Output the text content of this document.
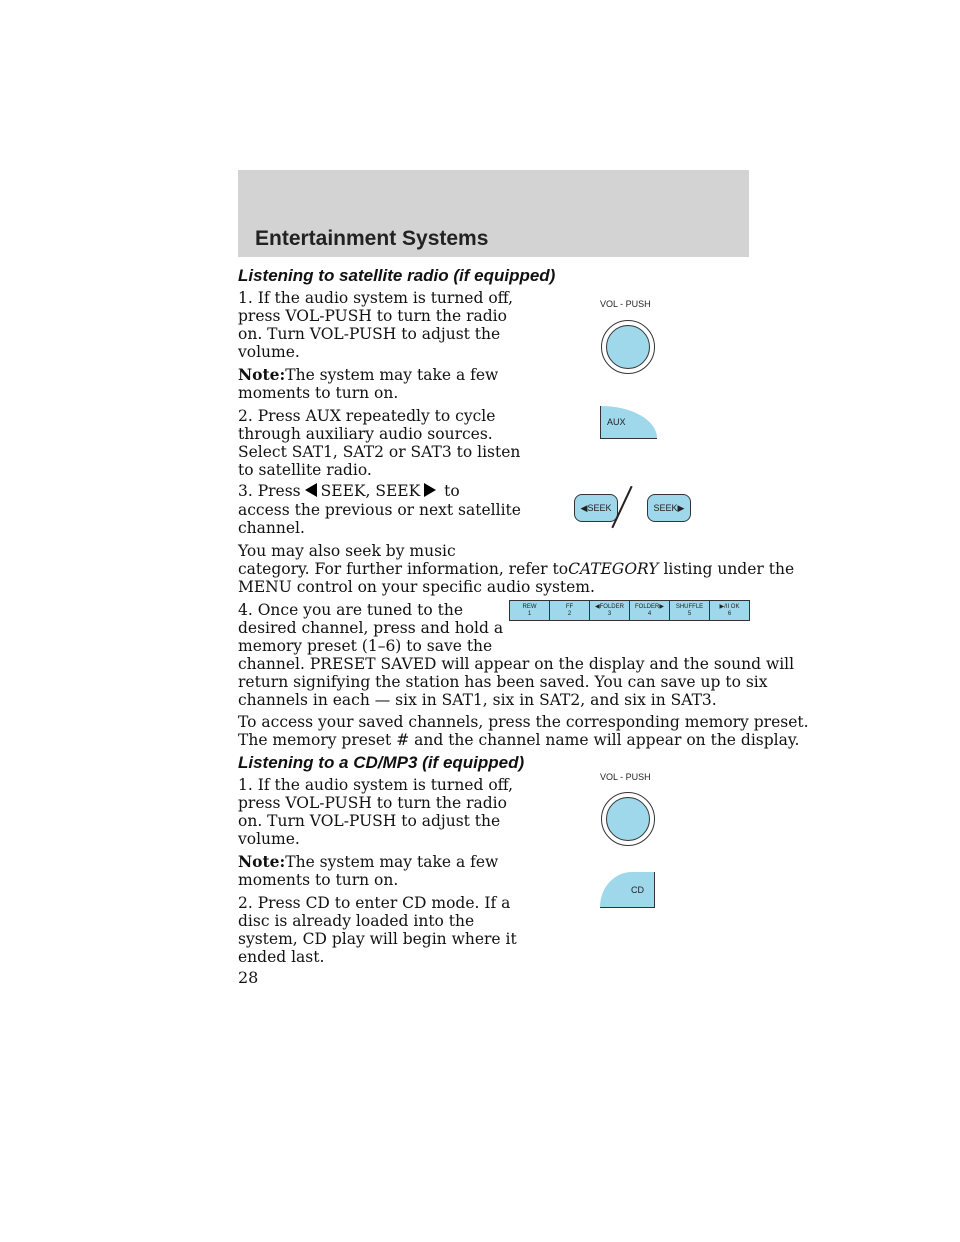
Entertainment Systems

Listening to satellite radio (if equipped)

1. If the audio system is turned off,

press VOL-PUSH to turn the radio

on. Turn VOL-PUSH to adjust the

volume.

Note:The system may take a few

moments to turn on.

2. Press AUX repeatedly to cycle

through auxiliary audio sources.

Select SAT1, SAT2 or SAT3 to listen

to satellite radio.

3. Press SEEK, SEEK to

access the previous or next satellite

channel.

You may also seek by music

category. For further information, refer toCATEGORY listing under the

MENU control on your specific audio system.

4. Once you are tuned to the

desired channel, press and hold a

memory preset (1–6) to save the

channel. PRESET SAVED will appear on the display and the sound will

return signifying the station has been saved. You can save up to six

channels in each — six in SAT1, six in SAT2, and six in SAT3.

To access your saved channels, press the corresponding memory preset.

The memory preset # and the channel name will appear on the display.

Listening to a CD/MP3 (if equipped)

1. If the audio system is turned off,

press VOL-PUSH to turn the radio

on. Turn VOL-PUSH to adjust the

volume.

Note:The system may take a few

moments to turn on.

2. Press CD to enter CD mode. If a

disc is already loaded into the

system, CD play will begin where it

ended last.

VOL - PUSH
AUX
◀SEEK	SEEK▶
REW
1
FF
2
◀FOLDER
3
FOLDER▶
4
SHUFFLE
5
▶/II OK
6
VOL - PUSH
CD
28
